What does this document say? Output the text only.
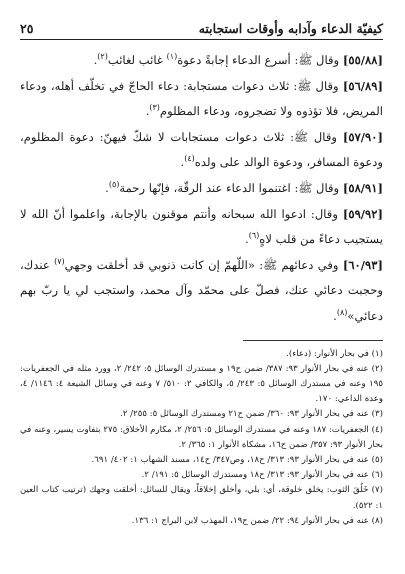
كيفيّة الدعاء وآدابه وأوقات استجابته
٢٥

[٥٥/٨٨] وقال ﷺ: أسرع الدعاء إجابةً دعوة$^{(١)}$ غائب لغائب$^{(٢)}$.

[٥٦/٨٩] وقال ﷺ: ثلاث دعوات مستجابة: دعاء الحاجّ في تخلّف أهله، ودعاء المريض، فلا تؤذوه ولا تضجروه، ودعاء المظلوم$^{(٣)}$.

[٥٧/٩٠] وقال ﷺ: ثلاث دعوات مستجابات لا شكّ فيهنّ: دعوة المظلوم، ودعوة المسافر، ودعوة الوالد على ولده$^{(٤)}$.

[٥٨/٩١] وقال ﷺ: اغتنموا الدعاء عند الرقّة، فإنّها رحمة$^{(٥)}$.

[٥٩/٩٢] وقال: ادعوا الله سبحانه وأنتم موقنون بالإجابة، واعلموا أنّ الله لا يستجيب دعاءً من قلب لاهٍ$^{(٦)}$.

[٦٠/٩٣] وفي دعائهم ﷺ: «اللّهمّ إن كانت ذنوبي قد أخلقت وجهي$^{(٧)}$ عندك، وحجبت دعائي عنك، فصلّ على محمّد وآل محمد، واستجب لي يا ربّ بهم دعائي»$^{(٨)}$.

(١) في بحار الأنوار: (دعاء).

(٢) عنه في بحار الأنوار ٩٣: ٣٨٧/ ضمن ح١٩ و مستدرك الوسائل ٥: ٢٤٢/ ٢، وورد مثله في الجعفريات: ١٩٥ وعنه في مستدرك الوسائل ٥: ٢٤٣/ ٥، والكافي ٢: ٥١٠/ ٧ وعنه في وسائل الشيعة ٤: ١١٤٦/ ٤، وعدة الداعي: ١٧٠.

(٣) عنه في بحار الأنوار ٩٣: ٣٦٠/ ضمن ح٢١ ومستدرك الوسائل ٥: ٢٥٥/ ٢.

(٤) الجعفريات: ١٨٧ وعنه في مستدرك الوسائل ٥: ٢٥٦/ ٢، مكارم الأخلاق: ٢٧٥ بتفاوت يسير، وعنه في بحار الأنوار ٩٣: ٣٥٧/ ضمن ح١٦، مشكاة الأنوار ١: ٣٦٥/ ٢.

(٥) عنه في بحار الأنوار ٩٣: ٣١٣/ ح١٨، وص٣٤٧/ ح١٤، مسند الشهاب ١: ٤٠٢/ ٦٩١.

(٦) عنه في بحار الأنوار ٩٣: ٣١٣/ ح١٨ ومستدرك الوسائل ٥: ١٩١/ ٢.

(٧) خَلُقَ الثوب: يخلق خلوقة، أي: بلي، وأخلق إخلاقاً، ويقال للسائل: أخلقت وجهك (ترتيب كتاب العين ١: ٥٢٢).

(٨) عنه في بحار الأنوار ٩٤: ٢٢/ ضمن ح١٩، المهذب لابن البراج ١: ١٣٦.
